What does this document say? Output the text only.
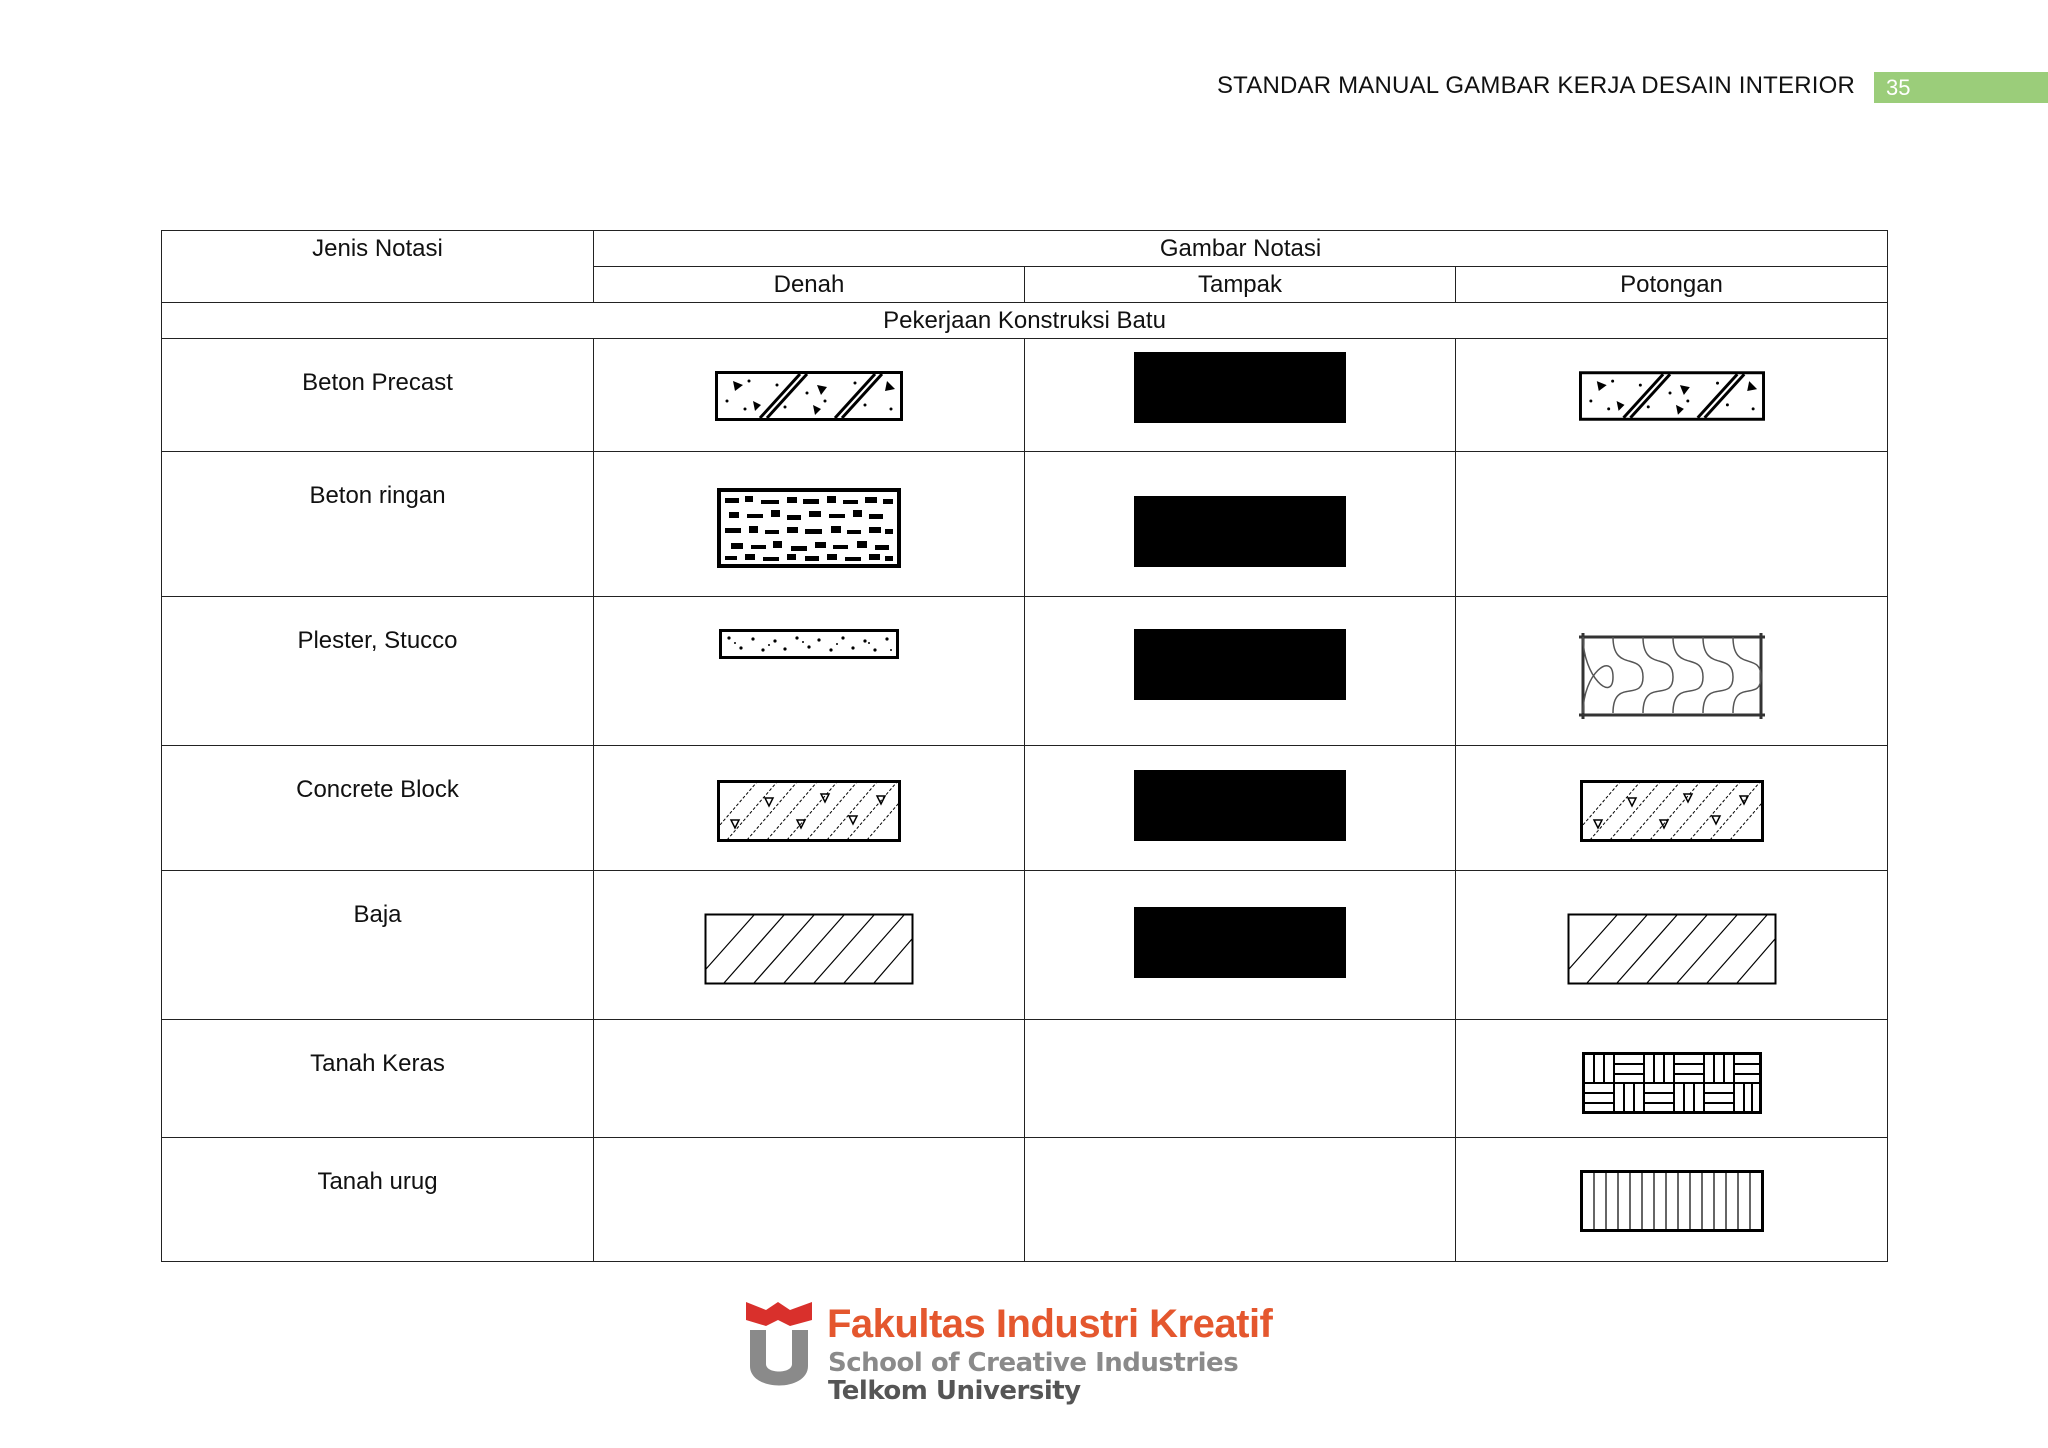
STANDAR MANUAL GAMBAR KERJA DESAIN INTERIOR	35
Jenis Notasi	Gambar Notasi		
	Denah	Tampak	Potongan
Pekerjaan Konstruksi Batu			
Beton Precast	

Beton ringan	

Plester, Stucco	

Concrete Block	

Baja	

Tanah Keras			

Tanah urug			
Fakultas Industri Kreatif
School of Creative Industries
Telkom University
